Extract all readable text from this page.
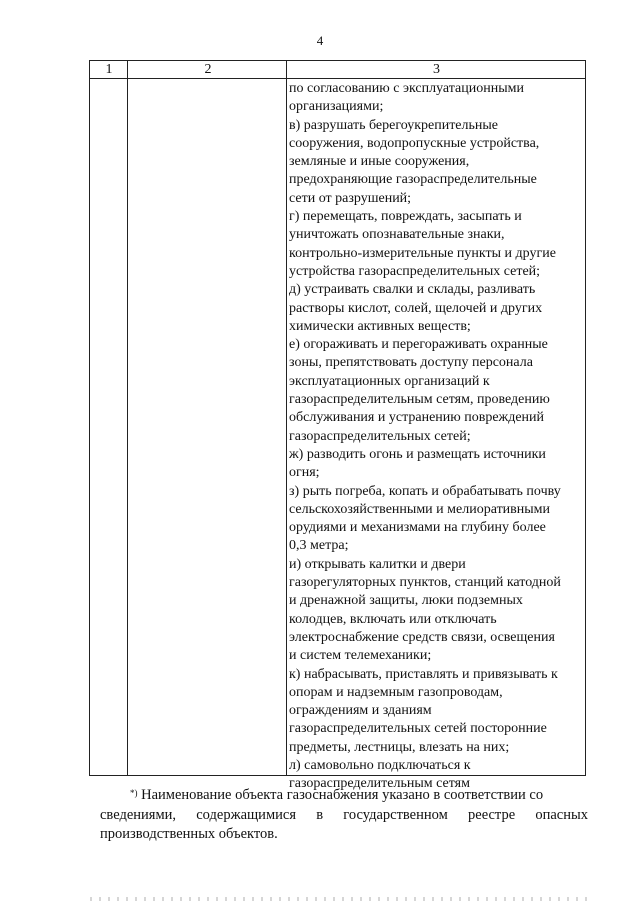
4
1	2	3

по согласованию с эксплуатационными

организациями;

в) разрушать берегоукрепительные

сооружения, водопропускные устройства,

земляные и иные сооружения,

предохраняющие газораспределительные

сети от разрушений;

г) перемещать, повреждать, засыпать и

уничтожать опознавательные знаки,

контрольно-измерительные пункты и другие

устройства газораспределительных сетей;

д) устраивать свалки и склады, разливать

растворы кислот, солей, щелочей и других

химически активных веществ;

е) огораживать и перегораживать охранные

зоны, препятствовать доступу персонала

эксплуатационных организаций к

газораспределительным сетям, проведению

обслуживания и устранению повреждений

газораспределительных сетей;

ж) разводить огонь и размещать источники

огня;

з) рыть погреба, копать и обрабатывать почву

сельскохозяйственными и мелиоративными

орудиями и механизмами на глубину более

0,3 метра;

и) открывать калитки и двери

газорегуляторных пунктов, станций катодной

и дренажной защиты, люки подземных

колодцев, включать или отключать

электроснабжение средств связи, освещения

и систем телемеханики;

к) набрасывать, приставлять и привязывать к

опорам и надземным газопроводам,

ограждениям и зданиям

газораспределительных сетей посторонние

предметы, лестницы, влезать на них;

л) самовольно подключаться к

газораспределительным сетям

*) Наименование объекта газоснабжения указано в соответствии со
сведениями, содержащимися в государственном реестре опасных
производственных объектов.
